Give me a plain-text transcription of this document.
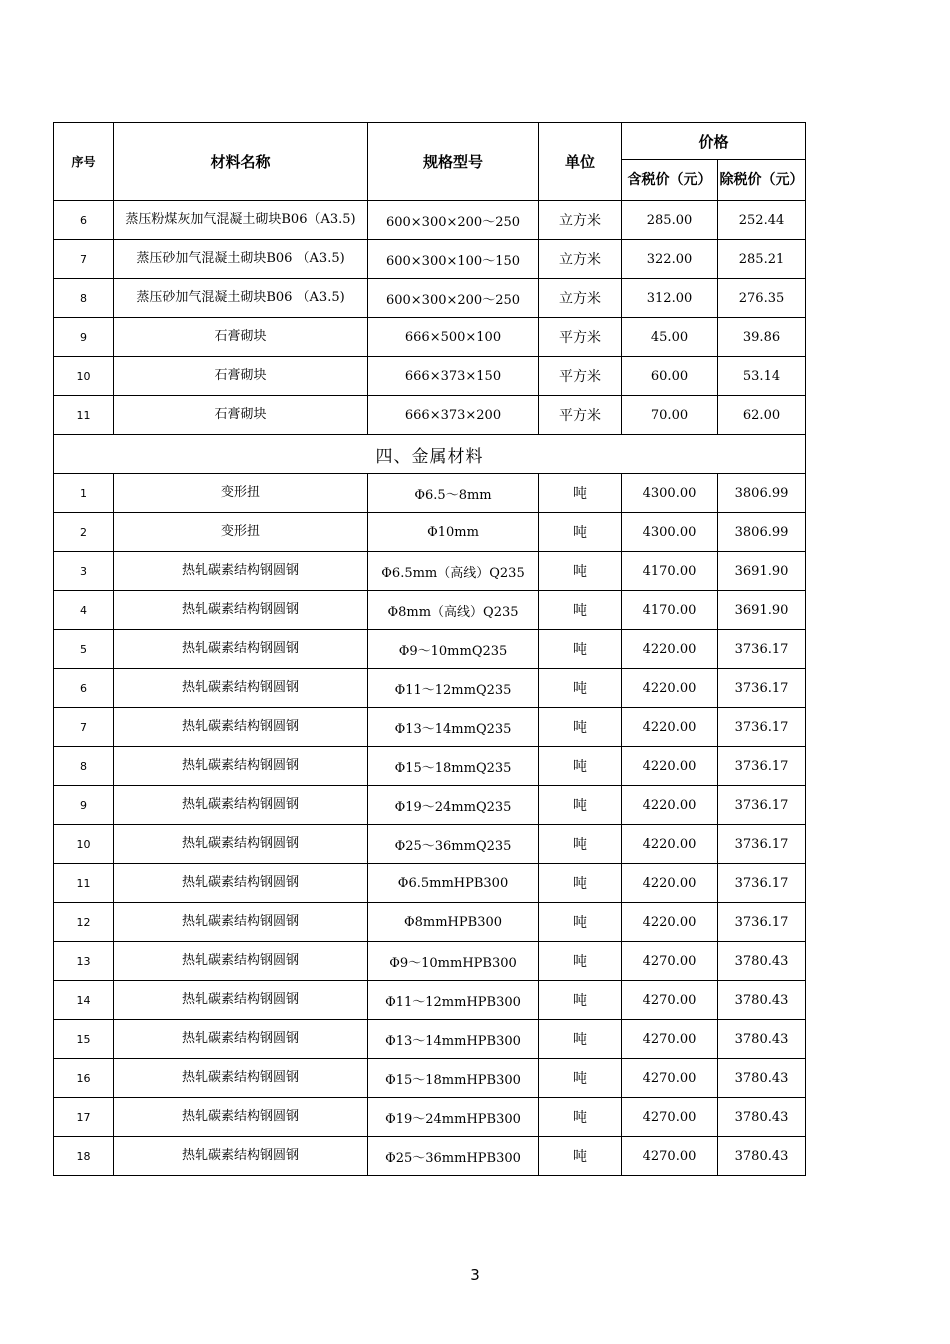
序号	材料名称	规格型号	单位	价格	
				含税价（元）	除税价（元）
6	蒸压粉煤灰加气混凝土砌块B06（A3.5)	600×300×200～250	立方米	285.00	252.44
7	蒸压砂加气混凝土砌块B06 （A3.5)	600×300×100～150	立方米	322.00	285.21
8	蒸压砂加气混凝土砌块B06 （A3.5)	600×300×200～250	立方米	312.00	276.35
9	石膏砌块	666×500×100	平方米	45.00	39.86
10	石膏砌块	666×373×150	平方米	60.00	53.14
11	石膏砌块	666×373×200	平方米	70.00	62.00
四、金属材料					
1	变形扭	Φ6.5～8mm	吨	4300.00	3806.99
2	变形扭	Φ10mm	吨	4300.00	3806.99
3	热轧碳素结构钢圆钢	Φ6.5mm（高线）Q235	吨	4170.00	3691.90
4	热轧碳素结构钢圆钢	Φ8mm（高线）Q235	吨	4170.00	3691.90
5	热轧碳素结构钢圆钢	Φ9～10mmQ235	吨	4220.00	3736.17
6	热轧碳素结构钢圆钢	Φ11～12mmQ235	吨	4220.00	3736.17
7	热轧碳素结构钢圆钢	Φ13～14mmQ235	吨	4220.00	3736.17
8	热轧碳素结构钢圆钢	Φ15～18mmQ235	吨	4220.00	3736.17
9	热轧碳素结构钢圆钢	Φ19～24mmQ235	吨	4220.00	3736.17
10	热轧碳素结构钢圆钢	Φ25～36mmQ235	吨	4220.00	3736.17
11	热轧碳素结构钢圆钢	Φ6.5mmHPB300	吨	4220.00	3736.17
12	热轧碳素结构钢圆钢	Φ8mmHPB300	吨	4220.00	3736.17
13	热轧碳素结构钢圆钢	Φ9～10mmHPB300	吨	4270.00	3780.43
14	热轧碳素结构钢圆钢	Φ11～12mmHPB300	吨	4270.00	3780.43
15	热轧碳素结构钢圆钢	Φ13～14mmHPB300	吨	4270.00	3780.43
16	热轧碳素结构钢圆钢	Φ15～18mmHPB300	吨	4270.00	3780.43
17	热轧碳素结构钢圆钢	Φ19～24mmHPB300	吨	4270.00	3780.43
18	热轧碳素结构钢圆钢	Φ25～36mmHPB300	吨	4270.00	3780.43
3
